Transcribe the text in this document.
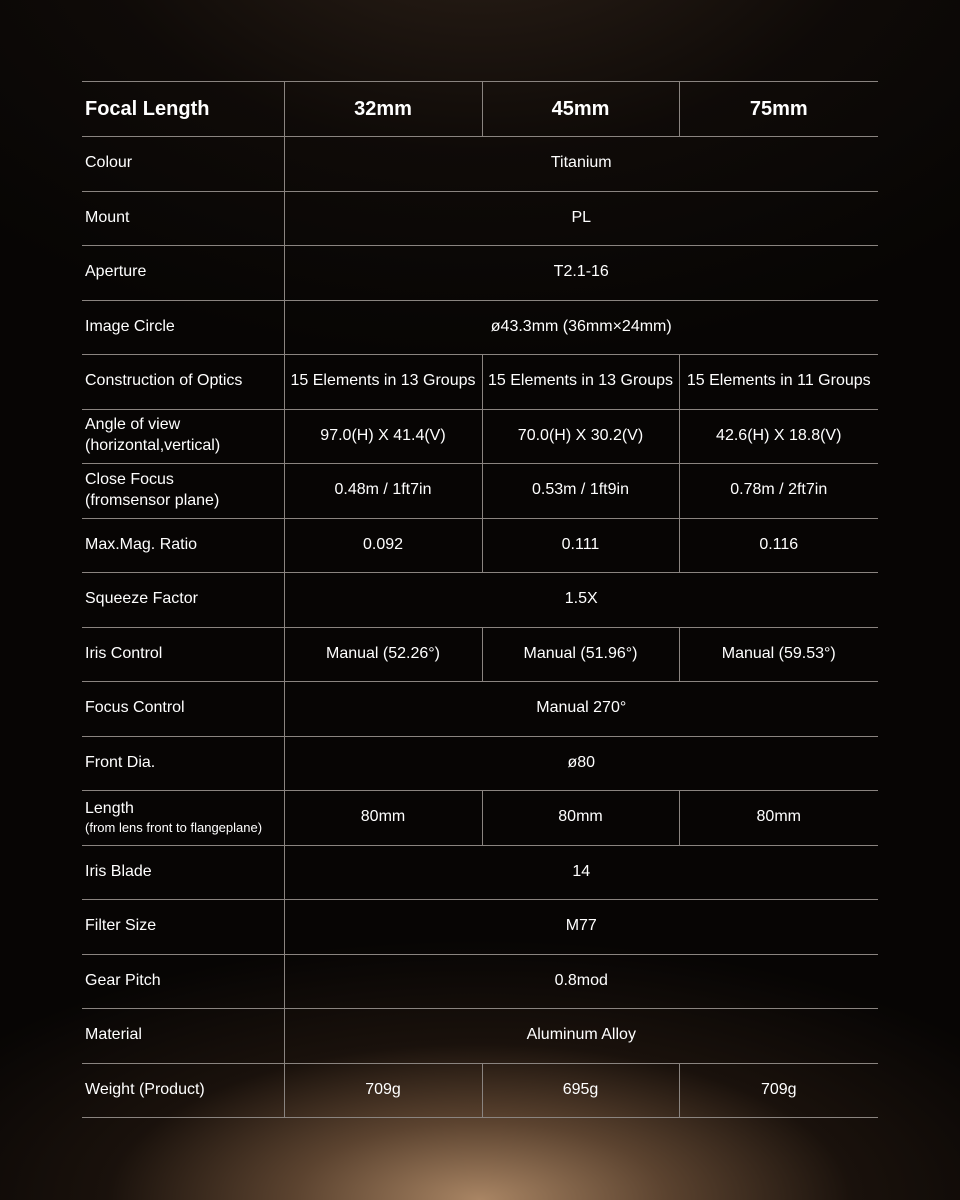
Focal Length	32mm	45mm	75mm
Colour	Titanium		
Mount	PL		
Aperture	T2.1-16		
Image Circle	ø43.3mm (36mm×24mm)		
Construction of Optics	15 Elements in 13 Groups	15 Elements in 13 Groups	15 Elements in 11 Groups

Angle of view
(horizontal,vertical)	97.0(H) X 41.4(V)	70.0(H) X 30.2(V)	42.6(H) X 18.8(V)

Close Focus
(fromsensor plane)	0.48m / 1ft7in	0.53m / 1ft9in	0.78m / 2ft7in
Max.Mag. Ratio	0.092	0.111	0.116
Squeeze Factor	1.5X		
Iris Control	Manual (52.26°)	Manual (51.96°)	Manual (59.53°)
Focus Control	Manual 270°		
Front Dia.	ø80		

Length
(from lens front to flangeplane)	80mm	80mm	80mm
Iris Blade	14		
Filter Size	M77		
Gear Pitch	0.8mod		
Material	Aluminum Alloy		
Weight (Product)	709g	695g	709g
